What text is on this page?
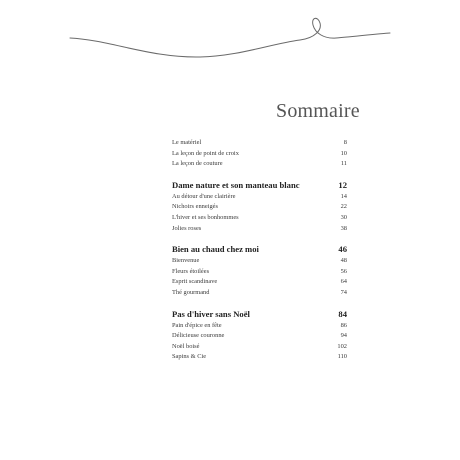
Sommaire
Le matériel	8
La leçon de point de croix	10
La leçon de couture	11
Dame nature et son manteau blanc	12
Au détour d'une clairière	14
Nichoirs enneigés	22
L'hiver et ses bonhommes	30
Jolies roses	38
Bien au chaud chez moi	46
Bienvenue	48
Fleurs étoilées	56
Esprit scandinave	64
Thé gourmand	74
Pas d'hiver sans Noël	84
Pain d'épice en fête	86
Délicieuse couronne	94
Noël boisé	102
Sapins & Cie	110
